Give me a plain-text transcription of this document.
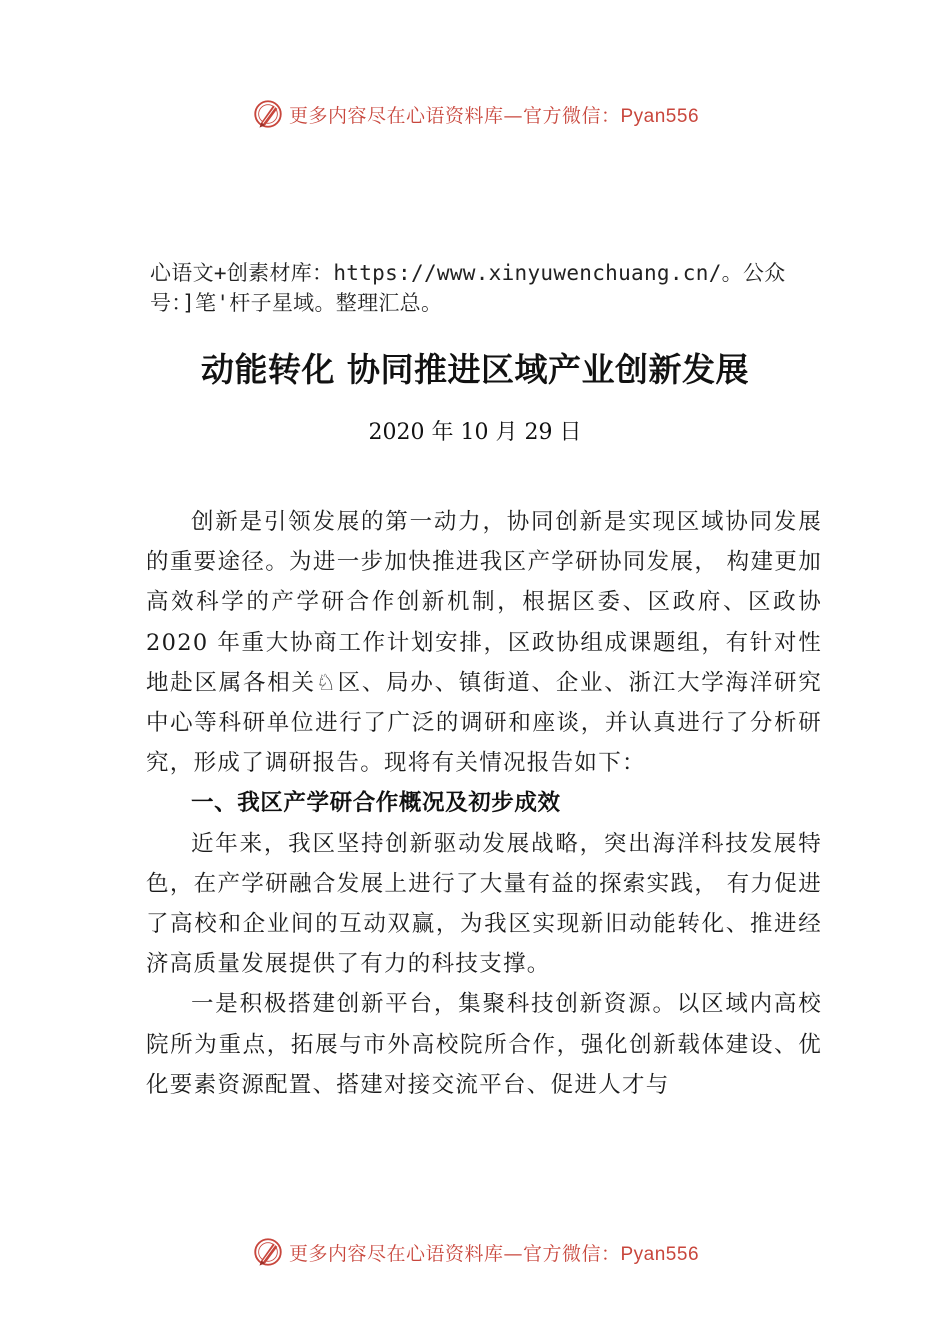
更多内容尽在心语资料库—官方微信：Pyan556
心语文+创素材库：https://www.xinyuwenchuang.cn/。公众号：]笔'杆子星域。整理汇总。
动能转化 协同推进区域产业创新发展
2020 年 10 月 29 日

创新是引领发展的第一动力，协同创新是实现区域协同发展的重要途径。为进一步加快推进我区产学研协同发展， 构建更加高效科学的产学研合作创新机制，根据区委、区政府、区政协 2020 年重大协商工作计划安排，区政协组成课题组，有针对性地赴区属各相关♘区、局办、镇街道、企业、浙江大学海洋研究中心等科研单位进行了广泛的调研和座谈，并认真进行了分析研究，形成了调研报告。现将有关情况报告如下：

一、我区产学研合作概况及初步成效

近年来，我区坚持创新驱动发展战略，突出海洋科技发展特色，在产学研融合发展上进行了大量有益的探索实践， 有力促进了高校和企业间的互动双赢，为我区实现新旧动能转化、推进经济高质量发展提供了有力的科技支撑。

一是积极搭建创新平台，集聚科技创新资源。以区域内高校院所为重点，拓展与市外高校院所合作，强化创新载体建设、优化要素资源配置、搭建对接交流平台、促进人才与

更多内容尽在心语资料库—官方微信：Pyan556
